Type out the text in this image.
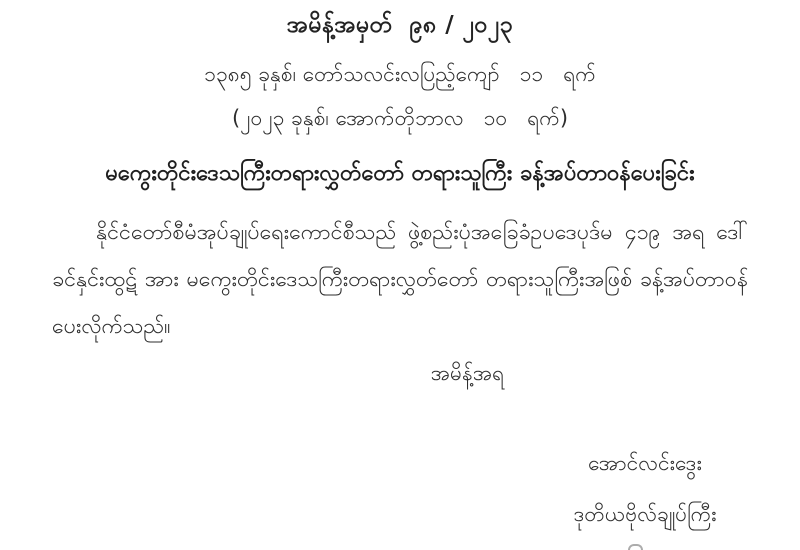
အမိန့်အမှတ်  ၉၈ / ၂၀၂၃
၁၃၈၅ ခုနှစ်၊ တော်သလင်းလပြည့်ကျော်   ၁၁   ရက်
(၂၀၂၃ ခုနှစ်၊ အောက်တိုဘာလ   ၁၀   ရက်)
မကွေးတိုင်းဒေသကြီးတရားလွှတ်တော် တရားသူကြီး ခန့်အပ်တာဝန်ပေးခြင်း
နိုင်ငံတော်စီမံအုပ်ချုပ်ရေးကောင်စီသည် ဖွဲ့စည်းပုံအခြေခံဥပဒေပုဒ်မ ၄၁၉ အရ ဒေါ်ခင်နှင်းထွဋ် အား မကွေးတိုင်းဒေသကြီးတရားလွှတ်တော် တရားသူကြီးအဖြစ် ခန့်အပ်တာဝန်ပေးလိုက်သည်။
အမိန့်အရ
အောင်လင်းဒွေး
ဒုတိယဗိုလ်ချုပ်ကြီး
